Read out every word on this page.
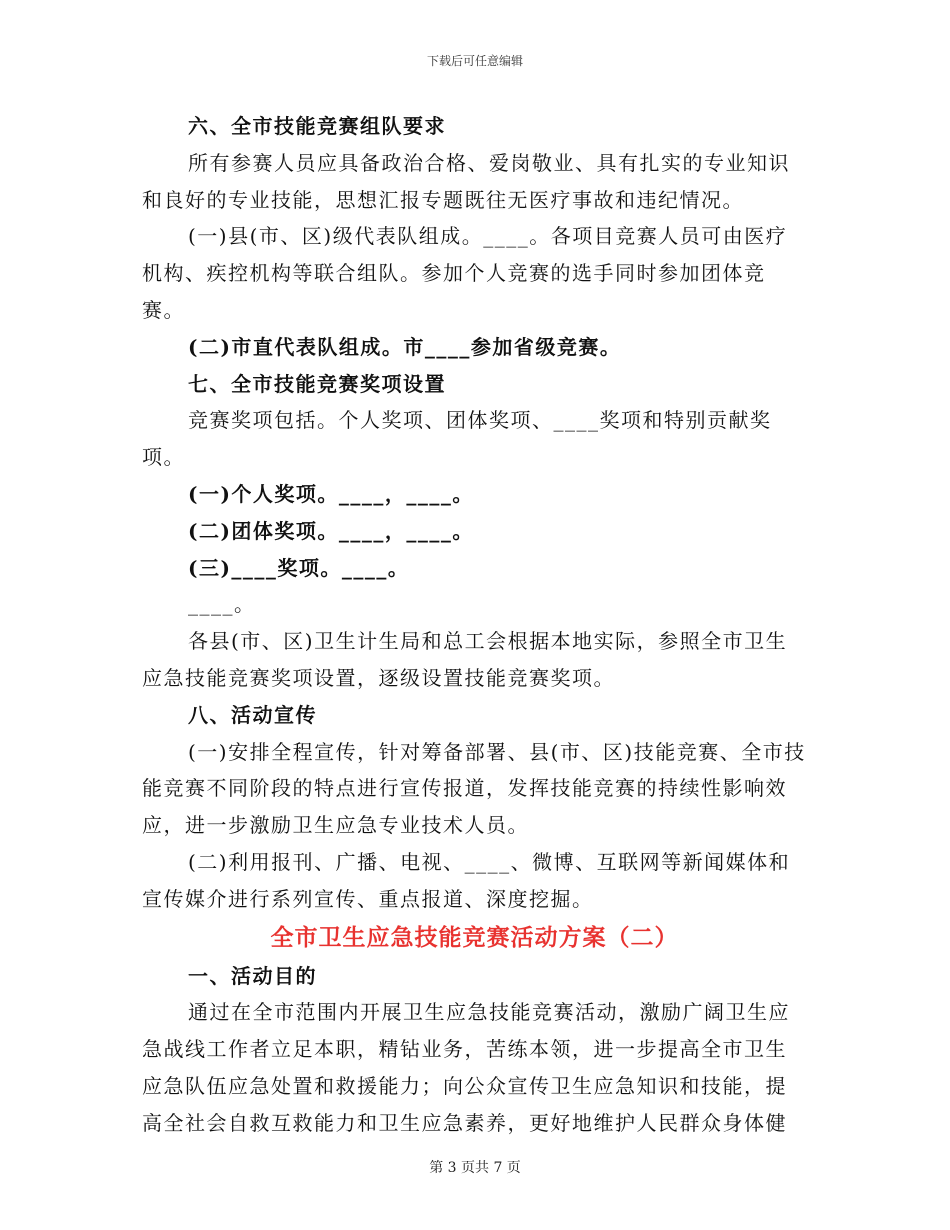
下载后可任意编辑

六、全市技能竞赛组队要求

所有参赛人员应具备政治合格、爱岗敬业、具有扎实的专业知识和良好的专业技能，思想汇报专题既往无医疗事故和违纪情况。

(一)县(市、区)级代表队组成。____。各项目竞赛人员可由医疗机构、疾控机构等联合组队。参加个人竞赛的选手同时参加团体竞赛。

(二)市直代表队组成。市____参加省级竞赛。

七、全市技能竞赛奖项设置

竞赛奖项包括。个人奖项、团体奖项、____奖项和特别贡献奖项。

(一)个人奖项。____，____。

(二)团体奖项。____，____。

(三)____奖项。____。

____。

各县(市、区)卫生计生局和总工会根据本地实际，参照全市卫生应急技能竞赛奖项设置，逐级设置技能竞赛奖项。

八、活动宣传

(一)安排全程宣传，针对筹备部署、县(市、区)技能竞赛、全市技能竞赛不同阶段的特点进行宣传报道，发挥技能竞赛的持续性影响效应，进一步激励卫生应急专业技术人员。

(二)利用报刊、广播、电视、____、微博、互联网等新闻媒体和宣传媒介进行系列宣传、重点报道、深度挖掘。

全市卫生应急技能竞赛活动方案（二）

一、活动目的

通过在全市范围内开展卫生应急技能竞赛活动，激励广阔卫生应急战线工作者立足本职，精钻业务，苦练本领，进一步提高全市卫生应急队伍应急处置和救援能力；向公众宣传卫生应急知识和技能，提高全社会自救互救能力和卫生应急素养，更好地维护人民群众身体健

第 3 页共 7 页
